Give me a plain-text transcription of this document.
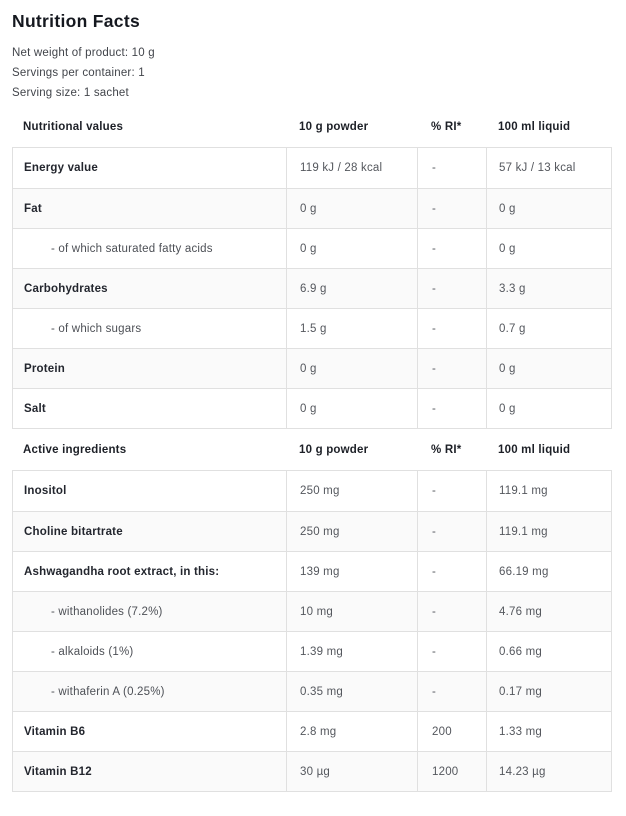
Nutrition Facts
Net weight of product: 10 g
Servings per container: 1
Serving size: 1 sachet
Nutritional values	10 g powder	% RI*	100 ml liquid
Energy value	119 kJ / 28 kcal	-	57 kJ / 13 kcal
Fat	0 g	-	0 g
- of which saturated fatty acids	0 g	-	0 g
Carbohydrates	6.9 g	-	3.3 g
- of which sugars	1.5 g	-	0.7 g
Protein	0 g	-	0 g
Salt	0 g	-	0 g
Active ingredients	10 g powder	% RI*	100 ml liquid
Inositol	250 mg	-	119.1 mg
Choline bitartrate	250 mg	-	119.1 mg
Ashwagandha root extract, in this:	139 mg	-	66.19 mg
- withanolides (7.2%)	10 mg	-	4.76 mg
- alkaloids (1%)	1.39 mg	-	0.66 mg
- withaferin A (0.25%)	0.35 mg	-	0.17 mg
Vitamin B6	2.8 mg	200	1.33 mg
Vitamin B12	30 µg	1200	14.23 µg
